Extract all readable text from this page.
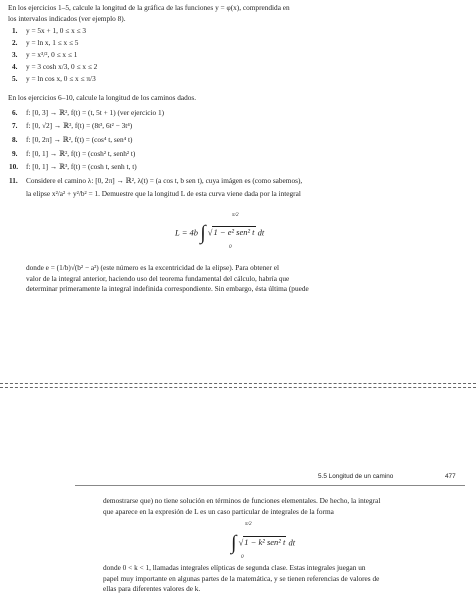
En los ejercicios 1–5, calcule la longitud de la gráfica de las funciones y = φ(x), comprendida en
los intervalos indicados (ver ejemplo 8).
1. y = 5x + 1, 0 ≤ x ≤ 3
2. y = ln x, 1 ≤ x ≤ 5
3. y = x³/², 0 ≤ x ≤ 1
4. y = 3 cosh x/3, 0 ≤ x ≤ 2
5. y = ln cos x, 0 ≤ x ≤ π/3
En los ejercicios 6–10, calcule la longitud de los caminos dados.
6. f: [0, 3] → ℝ², f(t) = (t, 5t + 1) (ver ejercicio 1)
7. f: [0, √2] → ℝ², f(t) = (8t³, 6t² − 3t⁴)
8. f: [0, 2π] → ℝ², f(t) = (cos⁴ t, sen⁴ t)
9. f: [0, 1] → ℝ², f(t) = (cosh² t, senh² t)
10. f: [0, 1] → ℝ³, f(t) = (cosh t, senh t, t)
11. Considere el camino λ: [0, 2π] → ℝ², λ(t) = (a cos t, b sen t), cuya imágen es (como sabemos),
la elipse x²/a² + y²/b² = 1. Demuestre que la longitud L de esta curva viene dada por la integral
L = 4b ∫ √1 − e² sen² t dt
π/2
0
donde e = (1/b)√(b² − a²) (este número es la excentricidad de la elipse). Para obtener el
valor de la integral anterior, haciendo uso del teorema fundamental del cálculo, habría que
determinar primeramente la integral indefinida correspondiente. Sin embargo, ésta última (puede
5.5 Longitud de un camino	477
demostrarse que) no tiene solución en términos de funciones elementales. De hecho, la integral
que aparece en la expresión de L es un caso particular de integrales de la forma
∫ √1 − k² sen² t dt
π/2
0
donde 0 < k < 1, llamadas integrales elípticas de segunda clase. Estas integrales juegan un
papel muy importante en algunas partes de la matemática, y se tienen referencias de valores de
ellas para diferentes valores de k.
